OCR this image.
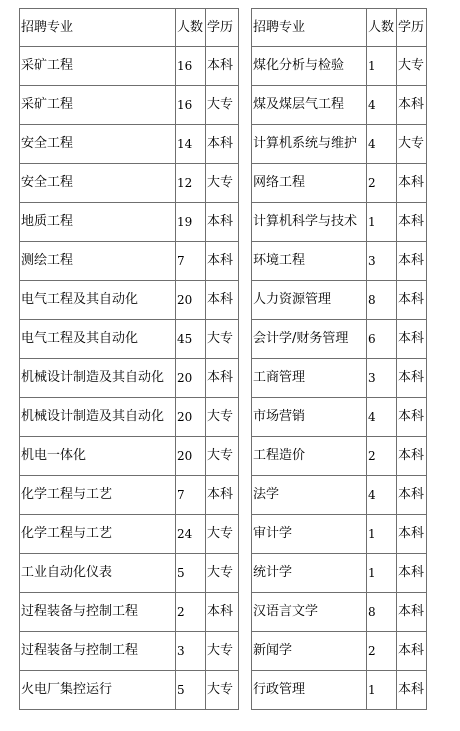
招聘专业	人数	学历		招聘专业	人数	学历
采矿工程	16	本科		煤化分析与检验	1	大专
采矿工程	16	大专		煤及煤层气工程	4	本科
安全工程	14	本科		计算机系统与维护	4	大专
安全工程	12	大专		网络工程	2	本科
地质工程	19	本科		计算机科学与技术	1	本科
测绘工程	7	本科		环境工程	3	本科
电气工程及其自动化	20	本科		人力资源管理	8	本科
电气工程及其自动化	45	大专		会计学/财务管理	6	本科
机械设计制造及其自动化	20	本科		工商管理	3	本科
机械设计制造及其自动化	20	大专		市场营销	4	本科
机电一体化	20	大专		工程造价	2	本科
化学工程与工艺	7	本科		法学	4	本科
化学工程与工艺	24	大专		审计学	1	本科
工业自动化仪表	5	大专		统计学	1	本科
过程装备与控制工程	2	本科		汉语言文学	8	本科
过程装备与控制工程	3	大专		新闻学	2	本科
火电厂集控运行	5	大专		行政管理	1	本科
